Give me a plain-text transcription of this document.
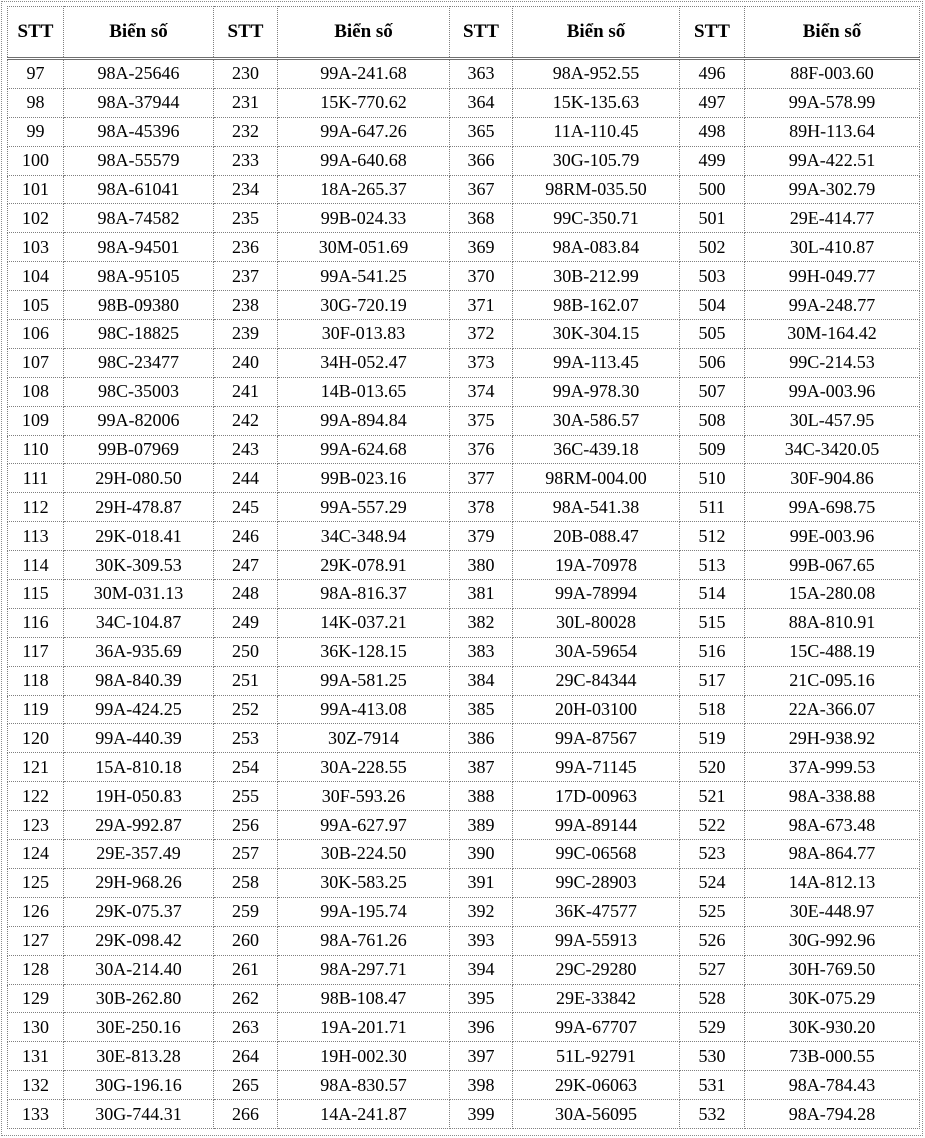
STT	Biển số	STT	Biển số	STT	Biển số	STT	Biển số
97	98A-25646	230	99A-241.68	363	98A-952.55	496	88F-003.60
98	98A-37944	231	15K-770.62	364	15K-135.63	497	99A-578.99
99	98A-45396	232	99A-647.26	365	11A-110.45	498	89H-113.64
100	98A-55579	233	99A-640.68	366	30G-105.79	499	99A-422.51
101	98A-61041	234	18A-265.37	367	98RM-035.50	500	99A-302.79
102	98A-74582	235	99B-024.33	368	99C-350.71	501	29E-414.77
103	98A-94501	236	30M-051.69	369	98A-083.84	502	30L-410.87
104	98A-95105	237	99A-541.25	370	30B-212.99	503	99H-049.77
105	98B-09380	238	30G-720.19	371	98B-162.07	504	99A-248.77
106	98C-18825	239	30F-013.83	372	30K-304.15	505	30M-164.42
107	98C-23477	240	34H-052.47	373	99A-113.45	506	99C-214.53
108	98C-35003	241	14B-013.65	374	99A-978.30	507	99A-003.96
109	99A-82006	242	99A-894.84	375	30A-586.57	508	30L-457.95
110	99B-07969	243	99A-624.68	376	36C-439.18	509	34C-3420.05
111	29H-080.50	244	99B-023.16	377	98RM-004.00	510	30F-904.86
112	29H-478.87	245	99A-557.29	378	98A-541.38	511	99A-698.75
113	29K-018.41	246	34C-348.94	379	20B-088.47	512	99E-003.96
114	30K-309.53	247	29K-078.91	380	19A-70978	513	99B-067.65
115	30M-031.13	248	98A-816.37	381	99A-78994	514	15A-280.08
116	34C-104.87	249	14K-037.21	382	30L-80028	515	88A-810.91
117	36A-935.69	250	36K-128.15	383	30A-59654	516	15C-488.19
118	98A-840.39	251	99A-581.25	384	29C-84344	517	21C-095.16
119	99A-424.25	252	99A-413.08	385	20H-03100	518	22A-366.07
120	99A-440.39	253	30Z-7914	386	99A-87567	519	29H-938.92
121	15A-810.18	254	30A-228.55	387	99A-71145	520	37A-999.53
122	19H-050.83	255	30F-593.26	388	17D-00963	521	98A-338.88
123	29A-992.87	256	99A-627.97	389	99A-89144	522	98A-673.48
124	29E-357.49	257	30B-224.50	390	99C-06568	523	98A-864.77
125	29H-968.26	258	30K-583.25	391	99C-28903	524	14A-812.13
126	29K-075.37	259	99A-195.74	392	36K-47577	525	30E-448.97
127	29K-098.42	260	98A-761.26	393	99A-55913	526	30G-992.96
128	30A-214.40	261	98A-297.71	394	29C-29280	527	30H-769.50
129	30B-262.80	262	98B-108.47	395	29E-33842	528	30K-075.29
130	30E-250.16	263	19A-201.71	396	99A-67707	529	30K-930.20
131	30E-813.28	264	19H-002.30	397	51L-92791	530	73B-000.55
132	30G-196.16	265	98A-830.57	398	29K-06063	531	98A-784.43
133	30G-744.31	266	14A-241.87	399	30A-56095	532	98A-794.28
